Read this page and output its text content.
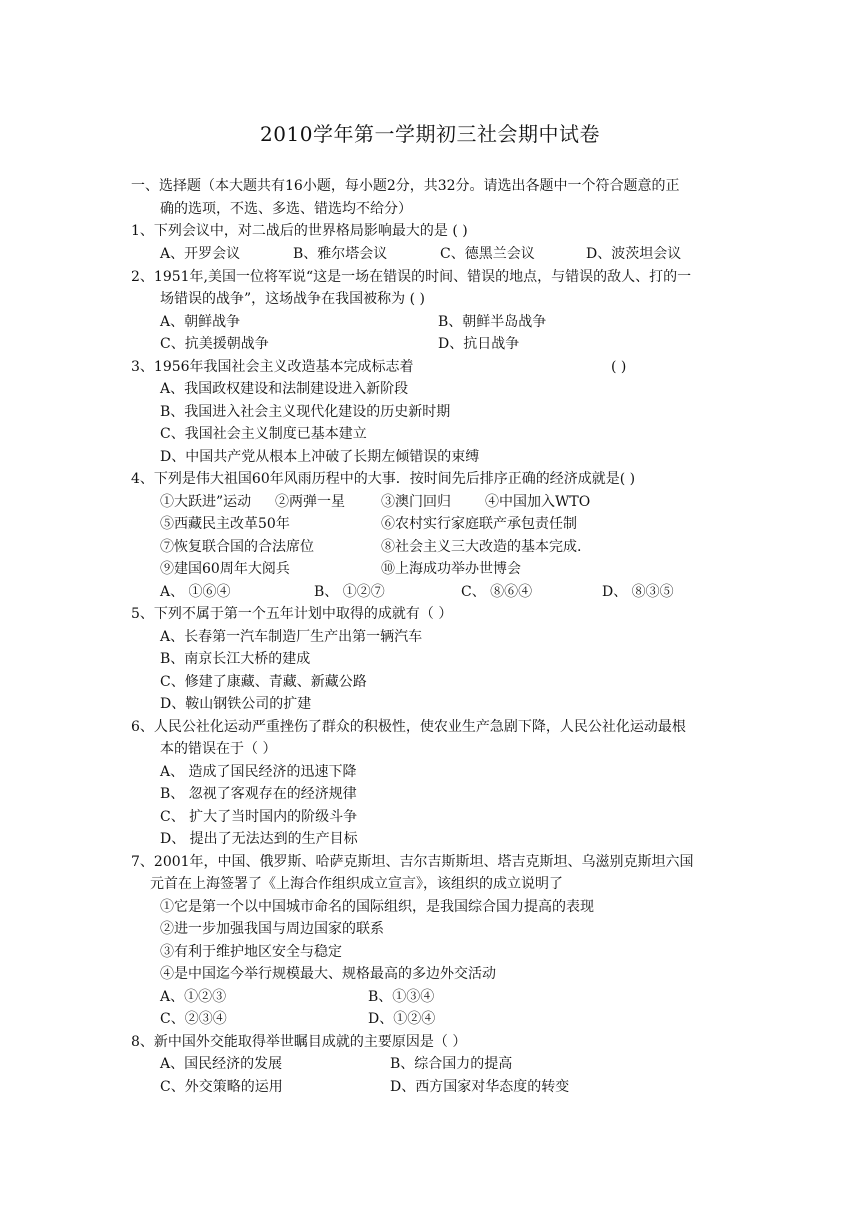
2010学年第一学期初三社会期中试卷
一、选择题（本大题共有16小题，每小题2分，共32分。请选出各题中一个符合题意的正
确的选项，不选、多选、错选均不给分）
1、下列会议中，对二战后的世界格局影响最大的是 ( )
A、开罗会议	B、雅尔塔会议	C、德黑兰会议	D、波茨坦会议
2、1951年,美国一位将军说“这是一场在错误的时间、错误的地点，与错误的敌人、打的一
场错误的战争”，这场战争在我国被称为 ( )
A、朝鲜战争	B、朝鲜半岛战争
C、抗美援朝战争	D、抗日战争
3、1956年我国社会主义改造基本完成标志着	( )
A、我国政权建设和法制建设进入新阶段
B、我国进入社会主义现代化建设的历史新时期
C、我国社会主义制度已基本建立
D、中国共产党从根本上冲破了长期左倾错误的束缚
4、下列是伟大祖国60年风雨历程中的大事．按时间先后排序正确的经济成就是( )
①大跃进”运动 ②两弹一星	③澳门回归 ④中国加入WTO
⑤西藏民主改革50年	⑥农村实行家庭联产承包责任制
⑦恢复联合国的合法席位	⑧社会主义三大改造的基本完成.
⑨建国60周年大阅兵	⑩上海成功举办世博会
A、 ①⑥④	B、 ①②⑦	C、 ⑧⑥④	D、 ⑧③⑤
5、下列不属于第一个五年计划中取得的成就有（ ）
A、长春第一汽车制造厂生产出第一辆汽车
B、南京长江大桥的建成
C、修建了康藏、青藏、新藏公路
D、鞍山钢铁公司的扩建
6、人民公社化运动严重挫伤了群众的积极性，使农业生产急剧下降，人民公社化运动最根
本的错误在于（ ）
A、 造成了国民经济的迅速下降
B、 忽视了客观存在的经济规律
C、 扩大了当时国内的阶级斗争
D、 提出了无法达到的生产目标
7、2001年，中国、俄罗斯、哈萨克斯坦、吉尔吉斯斯坦、塔吉克斯坦、乌滋别克斯坦六国
元首在上海签署了《上海合作组织成立宣言》，该组织的成立说明了
①它是第一个以中国城市命名的国际组织，是我国综合国力提高的表现
②进一步加强我国与周边国家的联系
③有利于维护地区安全与稳定
④是中国迄今举行规模最大、规格最高的多边外交活动
A、①②③	B、①③④
C、②③④	D、①②④
8、新中国外交能取得举世瞩目成就的主要原因是（ ）
A、国民经济的发展	B、综合国力的提高
C、外交策略的运用	D、西方国家对华态度的转变
